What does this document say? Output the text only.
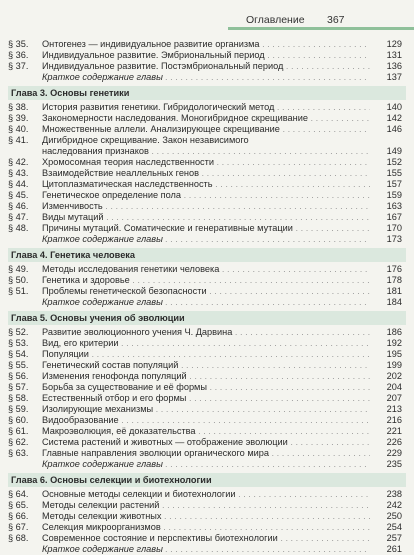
Оглавление 367
§ 35.	Онтогенез — индивидуальное развитие организма . . .	129
§ 36.	Индивидуальное развитие. Эмбриональный период . . .	131
§ 37.	Индивидуальное развитие. Постэмбриональный период . . .	136
Краткое содержание главы . . .	137
Глава 3. Основы генетики
§ 38.	История развития генетики. Гибридологический метод . . .	140
§ 39.	Закономерности наследования. Моногибридное скрещивание . . .	142
§ 40.	Множественные аллели. Анализирующее скрещивание . . .	146
§ 41.	Дигибридное скрещивание. Закон независимого
наследования признаков . . .	149
§ 42.	Хромосомная теория наследственности . . .	152
§ 43.	Взаимодействие неаллельных генов . . .	155
§ 44.	Цитоплазматическая наследственность . . .	157
§ 45.	Генетическое определение пола . . .	159
§ 46.	Изменчивость . . .	163
§ 47.	Виды мутаций . . .	167
§ 48.	Причины мутаций. Соматические и генеративные мутации . . .	170
Краткое содержание главы . . .	173
Глава 4. Генетика человека
§ 49.	Методы исследования генетики человека . . .	176
§ 50.	Генетика и здоровье . . .	178
§ 51.	Проблемы генетической безопасности . . .	181
Краткое содержание главы . . .	184
Глава 5. Основы учения об эволюции
§ 52.	Развитие эволюционного учения Ч. Дарвина . . .	186
§ 53.	Вид, его критерии . . .	192
§ 54.	Популяции . . .	195
§ 55.	Генетический состав популяций . . .	199
§ 56.	Изменения генофонда популяций . . .	202
§ 57.	Борьба за существование и её формы . . .	204
§ 58.	Естественный отбор и его формы . . .	207
§ 59.	Изолирующие механизмы . . .	213
§ 60.	Видообразование . . .	216
§ 61.	Макроэволюция, её доказательства . . .	221
§ 62.	Система растений и животных — отображение эволюции . . .	226
§ 63.	Главные направления эволюции органического мира . . .	229
Краткое содержание главы . . .	235
Глава 6. Основы селекции и биотехнологии
§ 64.	Основные методы селекции и биотехнологии . . .	238
§ 65.	Методы селекции растений . . .	242
§ 66.	Методы селекции животных . . .	250
§ 67.	Селекция микроорганизмов . . .	254
§ 68.	Современное состояние и перспективы биотехнологии . . .	257
Краткое содержание главы . . .	261
